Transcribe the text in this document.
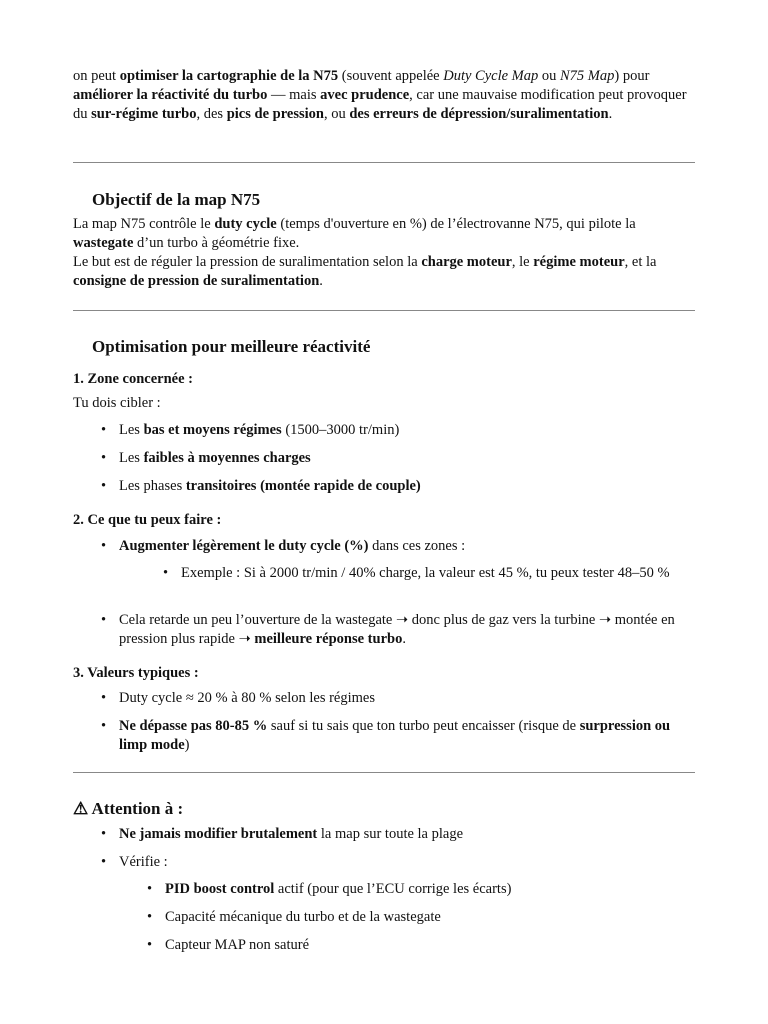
on peut optimiser la cartographie de la N75 (souvent appelée Duty Cycle Map ou N75 Map) pour améliorer la réactivité du turbo — mais avec prudence, car une mauvaise modification peut provoquer du sur-régime turbo, des pics de pression, ou des erreurs de dépression/suralimentation.

Objectif de la map N75

La map N75 contrôle le duty cycle (temps d'ouverture en %) de l’électrovanne N75, qui pilote la wastegate d’un turbo à géométrie fixe.
Le but est de réguler la pression de suralimentation selon la charge moteur, le régime moteur, et la consigne de pression de suralimentation.

Optimisation pour meilleure réactivité
1. Zone concernée :

Tu dois cibler :

• Les bas et moyens régimes (1500–3000 tr/min)
• Les faibles à moyennes charges
• Les phases transitoires (montée rapide de couple)
2. Ce que tu peux faire :
• Augmenter légèrement le duty cycle (%) dans ces zones :
• Exemple : Si à 2000 tr/min / 40% charge, la valeur est 45 %, tu peux tester 48–50 %
• Cela retarde un peu l’ouverture de la wastegate ➝ donc plus de gaz vers la turbine ➝ montée en pression plus rapide ➝ meilleure réponse turbo.
3. Valeurs typiques :
• Duty cycle ≈ 20 % à 80 % selon les régimes
• Ne dépasse pas 80-85 % sauf si tu sais que ton turbo peut encaisser (risque de surpression ou limp mode)
⚠ Attention à :
• Ne jamais modifier brutalement la map sur toute la plage
• Vérifie :
• PID boost control actif (pour que l’ECU corrige les écarts)
• Capacité mécanique du turbo et de la wastegate
• Capteur MAP non saturé
